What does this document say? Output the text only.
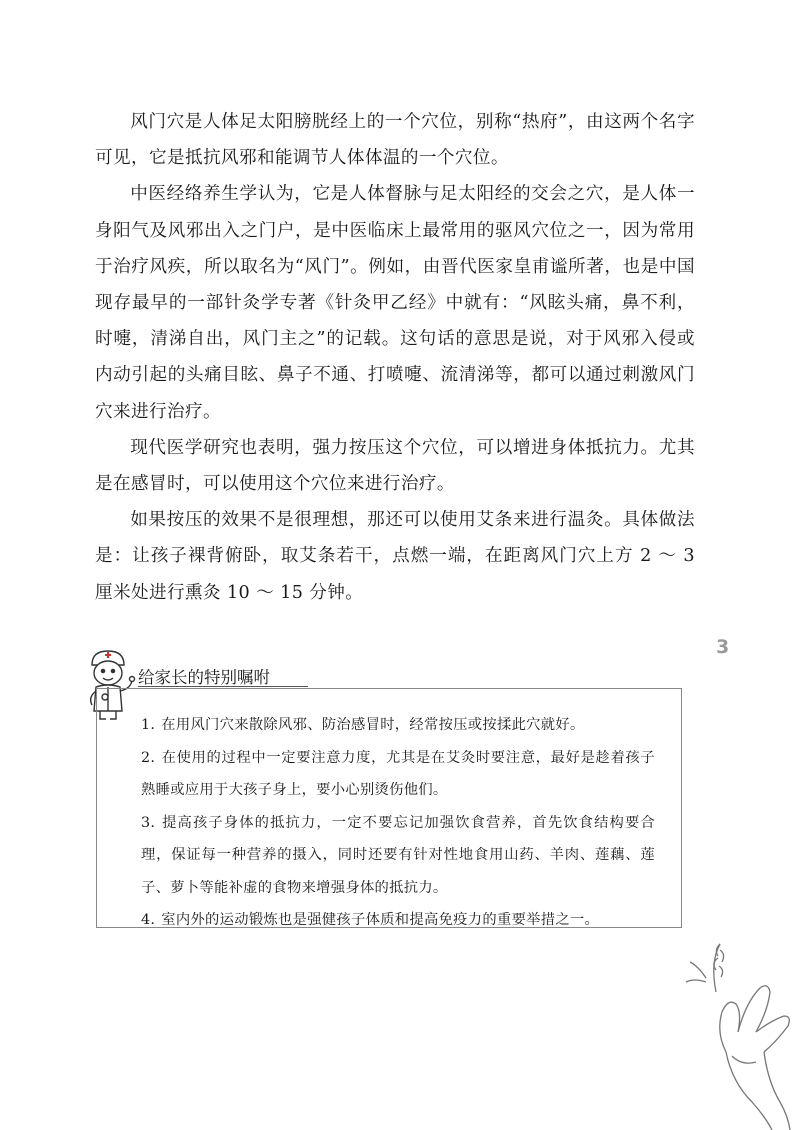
风门穴是人体足太阳膀胱经上的一个穴位，别称“热府”，由这两个名字可见，它是抵抗风邪和能调节人体体温的一个穴位。

中医经络养生学认为，它是人体督脉与足太阳经的交会之穴，是人体一身阳气及风邪出入之门户，是中医临床上最常用的驱风穴位之一，因为常用于治疗风疾，所以取名为“风门”。例如，由晋代医家皇甫谧所著，也是中国现存最早的一部针灸学专著《针灸甲乙经》中就有：“风眩头痛，鼻不利，时嚏，清涕自出，风门主之”的记载。这句话的意思是说，对于风邪入侵或内动引起的头痛目眩、鼻子不通、打喷嚏、流清涕等，都可以通过刺激风门穴来进行治疗。

现代医学研究也表明，强力按压这个穴位，可以增进身体抵抗力。尤其是在感冒时，可以使用这个穴位来进行治疗。

如果按压的效果不是很理想，那还可以使用艾条来进行温灸。具体做法是：让孩子裸背俯卧，取艾条若干，点燃一端，在距离风门穴上方 2 ～ 3 厘米处进行熏灸 10 ～ 15 分钟。

3
给家长的特别嘱咐
1. 在用风门穴来散除风邪、防治感冒时，经常按压或按揉此穴就好。
2. 在使用的过程中一定要注意力度，尤其是在艾灸时要注意，最好是趁着孩子熟睡或应用于大孩子身上，要小心别烫伤他们。
3. 提高孩子身体的抵抗力，一定不要忘记加强饮食营养，首先饮食结构要合理，保证每一种营养的摄入，同时还要有针对性地食用山药、羊肉、莲藕、莲子、萝卜等能补虚的食物来增强身体的抵抗力。
4. 室内外的运动锻炼也是强健孩子体质和提高免疫力的重要举措之一。
